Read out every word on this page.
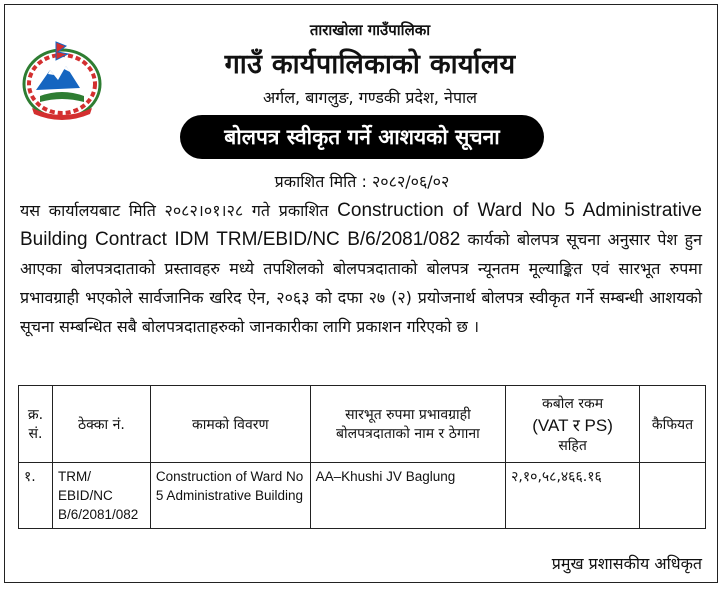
ताराखोला गाउँपालिका
गाउँ कार्यपालिकाको कार्यालय
अर्गल, बागलुङ, गण्डकी प्रदेश, नेपाल
बोलपत्र स्वीकृत गर्ने आशयको सूचना
प्रकाशित मिति : २०८२/०६/०२
यस कार्यालयबाट मिति २०८२।०१।२८ गते प्रकाशित Construction of Ward No 5 Administrative Building Contract IDM TRM/EBID/NC B/6/2081/082 कार्यको बोलपत्र सूचना अनुसार पेश हुन आएका बोलपत्रदाताको प्रस्तावहरु मध्ये तपशिलको बोलपत्रदाताको बोलपत्र न्यूनतम मूल्याङ्कित एवं सारभूत रुपमा प्रभावग्राही भएकोले सार्वजानिक खरिद ऐन, २०६३ को दफा २७ (२) प्रयोजनार्थ बोलपत्र स्वीकृत गर्ने सम्बन्धी आशयको सूचना सम्बन्धित सबै बोलपत्रदाताहरुको जानकारीका लागि प्रकाशन गरिएको छ ।
क्र. सं.	ठेक्का नं.	कामको विवरण	सारभूत रुपमा प्रभावग्राही बोलपत्रदाताको नाम र ठेगाना	कबोल रकम
(VAT र PS)
सहित	कैफियत
१.	TRM/ EBID/NC B/6/2081/082	Construction of Ward No 5 Administrative Building	AA–Khushi JV Baglung	२,१०,५८,४६६.१६	
प्रमुख प्रशासकीय अधिकृत
